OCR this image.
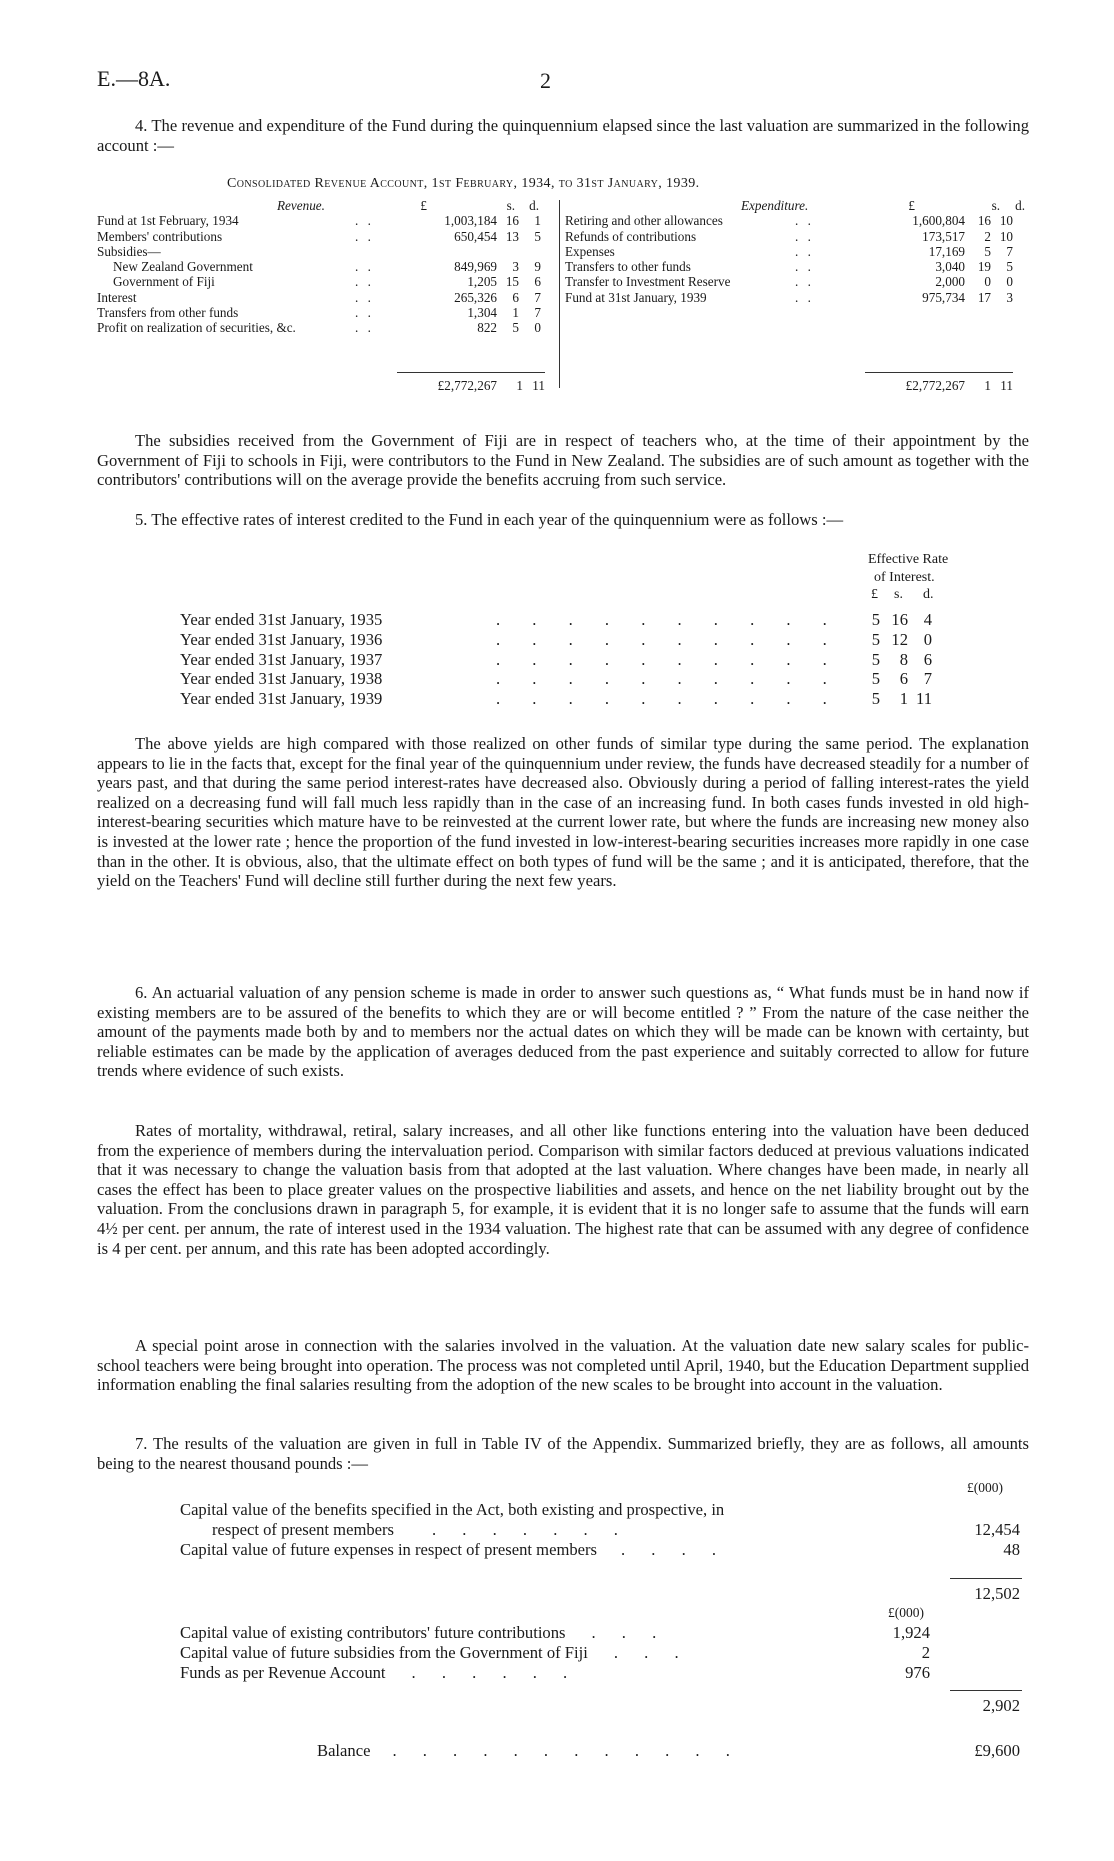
E.—8A.	2

4. The revenue and expenditure of the Fund during the quinquennium elapsed since the last valuation are summarized in the following account :—

Consolidated Revenue Account, 1st February, 1934, to 31st January, 1939.
Revenue.	£	s.	d.
Fund at 1st February, 1934	. .	1,003,184 16	1
Members' contributions	. .	650,454 13	5
Subsidies—
New Zealand Government	. .	849,969	3	9
Government of Fiji	. .	1,205 15	6
Interest	. .	265,326	6	7
Transfers from other funds	. .	1,304	1	7
Profit on realization of securities, &c.	. .	822	5	0
Expenditure.	£	s.	d.
Retiring and other allowances	. .	1,600,804 16 10
Refunds of contributions	. .	173,517	2 10
Expenses	. .	17,169	5	7
Transfers to other funds	. .	3,040 19	5
Transfer to Investment Reserve	. .	2,000	0	0
Fund at 31st January, 1939	. .	975,734 17	3
£2,772,267	1 11	£2,772,267	1 11

The subsidies received from the Government of Fiji are in respect of teachers who, at the time of their appointment by the Government of Fiji to schools in Fiji, were contributors to the Fund in New Zealand. The subsidies are of such amount as together with the contributors' contributions will on the average provide the benefits accruing from such service.

5. The effective rates of interest credited to the Fund in each year of the quinquennium were as follows :—

Effective Rate
of Interest.
£ s. d.
Year ended 31st January, 1935	. . . . . . . . . .	5 16 4
Year ended 31st January, 1936	. . . . . . . . . .	5 12 0
Year ended 31st January, 1937	. . . . . . . . . .	5	8 6
Year ended 31st January, 1938	. . . . . . . . . .	5	6 7
Year ended 31st January, 1939	. . . . . . . . . .	5	1 11

The above yields are high compared with those realized on other funds of similar type during the same period. The explanation appears to lie in the facts that, except for the final year of the quinquennium under review, the funds have decreased steadily for a number of years past, and that during the same period interest-rates have decreased also. Obviously during a period of falling interest-rates the yield realized on a decreasing fund will fall much less rapidly than in the case of an increasing fund. In both cases funds invested in old high-interest-bearing securities which mature have to be reinvested at the current lower rate, but where the funds are increasing new money also is invested at the lower rate ; hence the proportion of the fund invested in low-interest-bearing securities increases more rapidly in one case than in the other. It is obvious, also, that the ultimate effect on both types of fund will be the same ; and it is anticipated, therefore, that the yield on the Teachers' Fund will decline still further during the next few years.

6. An actuarial valuation of any pension scheme is made in order to answer such questions as, “ What funds must be in hand now if existing members are to be assured of the benefits to which they are or will become entitled ? ” From the nature of the case neither the amount of the payments made both by and to members nor the actual dates on which they will be made can be known with certainty, but reliable estimates can be made by the application of averages deduced from the past experience and suitably corrected to allow for future trends where evidence of such exists.

Rates of mortality, withdrawal, retiral, salary increases, and all other like functions entering into the valuation have been deduced from the experience of members during the intervaluation period. Comparison with similar factors deduced at previous valuations indicated that it was necessary to change the valuation basis from that adopted at the last valuation. Where changes have been made, in nearly all cases the effect has been to place greater values on the prospective liabilities and assets, and hence on the net liability brought out by the valuation. From the conclusions drawn in paragraph 5, for example, it is evident that it is no longer safe to assume that the funds will earn 4½ per cent. per annum, the rate of interest used in the 1934 valuation. The highest rate that can be assumed with any degree of confidence is 4 per cent. per annum, and this rate has been adopted accordingly.

A special point arose in connection with the salaries involved in the valuation. At the valuation date new salary scales for public-school teachers were being brought into operation. The process was not completed until April, 1940, but the Education Department supplied information enabling the final salaries resulting from the adoption of the new scales to be brought into account in the valuation.

7. The results of the valuation are given in full in Table IV of the Appendix. Summarized briefly, they are as follows, all amounts being to the nearest thousand pounds :—

£(000)
Capital value of the benefits specified in the Act, both existing and prospective, in
respect of present members . . . . . . .	12,454
Capital value of future expenses in respect of present members . . . .	48
12,502
£(000)
Capital value of existing contributors' future contributions . . .	1,924
Capital value of future subsidies from the Government of Fiji . . .	2
Funds as per Revenue Account . . . . . .	976
2,902
Balance . . . . . . . . . . . .	£9,600
